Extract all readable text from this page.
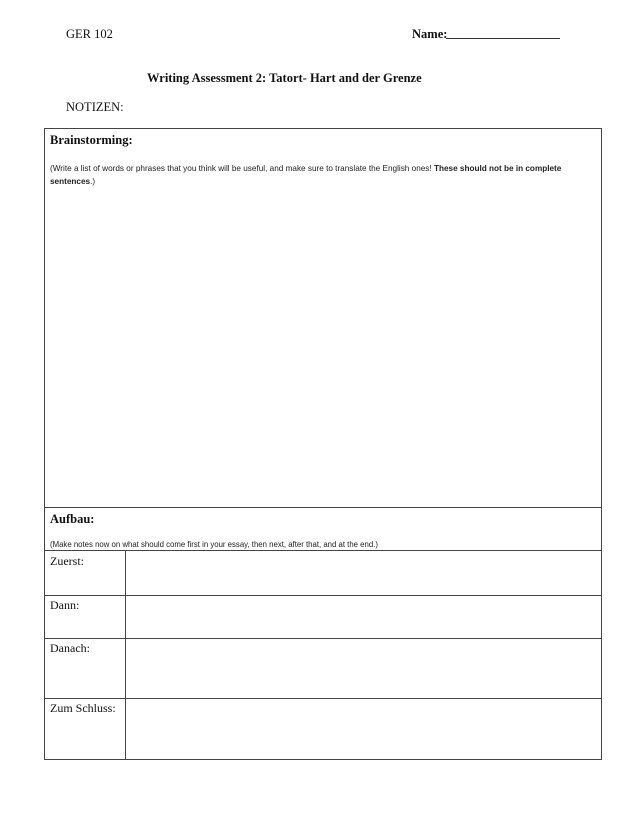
GER 102	Name:
Writing Assessment 2: Tatort- Hart and der Grenze
NOTIZEN:
Brainstorming:
(Write a list of words or phrases that you think will be useful, and make sure to translate the English ones! These should not be in complete sentences.)
Aufbau:
(Make notes now on what should come first in your essay, then next, after that, and at the end.)
Zuerst:
Dann:
Danach:
Zum Schluss:
